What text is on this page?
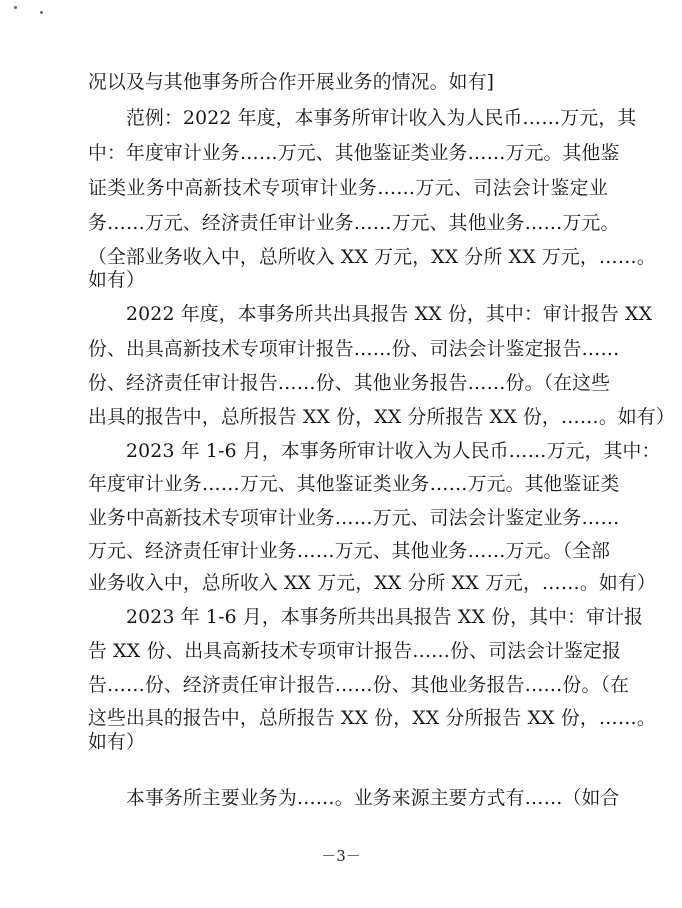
况以及与其他事务所合作开展业务的情况。如有]
范例：2022 年度，本事务所审计收入为人民币……万元，其
中：年度审计业务……万元、其他鉴证类业务……万元。其他鉴
证类业务中高新技术专项审计业务……万元、司法会计鉴定业
务……万元、经济责任审计业务……万元、其他业务……万元。
（全部业务收入中，总所收入 XX 万元，XX 分所 XX 万元，……。
如有）
2022 年度，本事务所共出具报告 XX 份，其中：审计报告 XX
份、出具高新技术专项审计报告……份、司法会计鉴定报告……
份、经济责任审计报告……份、其他业务报告……份。（在这些
出具的报告中，总所报告 XX 份，XX 分所报告 XX 份，……。如有）
2023 年 1-6 月，本事务所审计收入为人民币……万元，其中：
年度审计业务……万元、其他鉴证类业务……万元。其他鉴证类
业务中高新技术专项审计业务……万元、司法会计鉴定业务……
万元、经济责任审计业务……万元、其他业务……万元。（全部
业务收入中，总所收入 XX 万元，XX 分所 XX 万元，……。如有）
2023 年 1-6 月，本事务所共出具报告 XX 份，其中：审计报
告 XX 份、出具高新技术专项审计报告……份、司法会计鉴定报
告……份、经济责任审计报告……份、其他业务报告……份。（在
这些出具的报告中，总所报告 XX 份，XX 分所报告 XX 份，……。
如有）
本事务所主要业务为……。业务来源主要方式有……（如合
－3－
